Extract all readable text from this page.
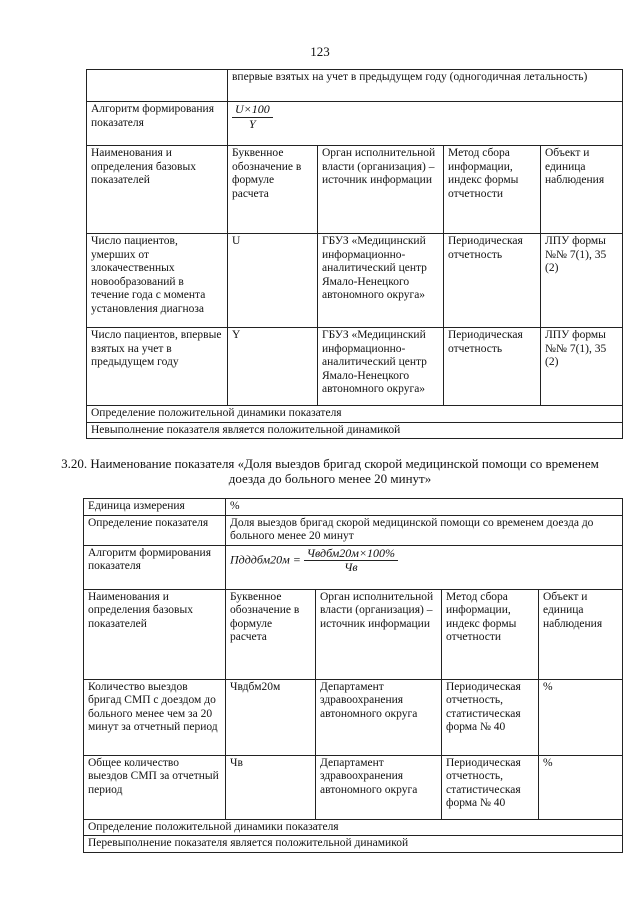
123
	впервые взятых на учет в предыдущем году (одногодичная летальность)			
Алгоритм формирования показателя	$\frac{U\times 100}{Y}$

Наименования и определения базовых показателей	Буквенное обозначение в формуле расчета	Орган исполнительной власти (организация) – источник информации	Метод сбора информации, индекс формы отчетности	Объект и единица наблюдения
Число пациентов, умерших от злокачественных новообразований в течение года с момента установления диагноза	U	ГБУЗ «Медицинский информационно-аналитический центр Ямало-Ненецкого автономного округа»	Периодическая отчетность	ЛПУ формы №№ 7(1), 35 (2)
Число пациентов, впервые взятых на учет в предыдущем году	Y	ГБУЗ «Медицинский информационно-аналитический центр Ямало-Ненецкого автономного округа»	Периодическая отчетность	ЛПУ формы №№ 7(1), 35 (2)
Определение положительной динамики показателя				
Невыполнение показателя является положительной динамикой				
3.20. Наименование показателя «Доля выездов бригад скорой медицинской помощи со временем доезда до больного менее 20 минут»
Единица измерения	%			
Определение показателя	Доля выездов бригад скорой медицинской помощи со временем доезда до больного менее 20 минут			
Алгоритм формирования показателя	Пдддбм20м = $\frac{\text{Чвдбм20м×100\%}}{Чв}$

Наименования и определения базовых показателей	Буквенное обозначение в формуле расчета	Орган исполнительной власти (организация) – источник информации	Метод сбора информации, индекс формы отчетности	Объект и единица наблюдения
Количество выездов бригад СМП с доездом до больного менее чем за 20 минут за отчетный период	Чвдбм20м	Департамент здравоохранения автономного округа	Периодическая отчетность, статистическая форма № 40	%
Общее количество выездов СМП за отчетный период	Чв	Департамент здравоохранения автономного округа	Периодическая отчетность, статистическая форма № 40	%
Определение положительной динамики показателя				
Перевыполнение показателя является положительной динамикой				
